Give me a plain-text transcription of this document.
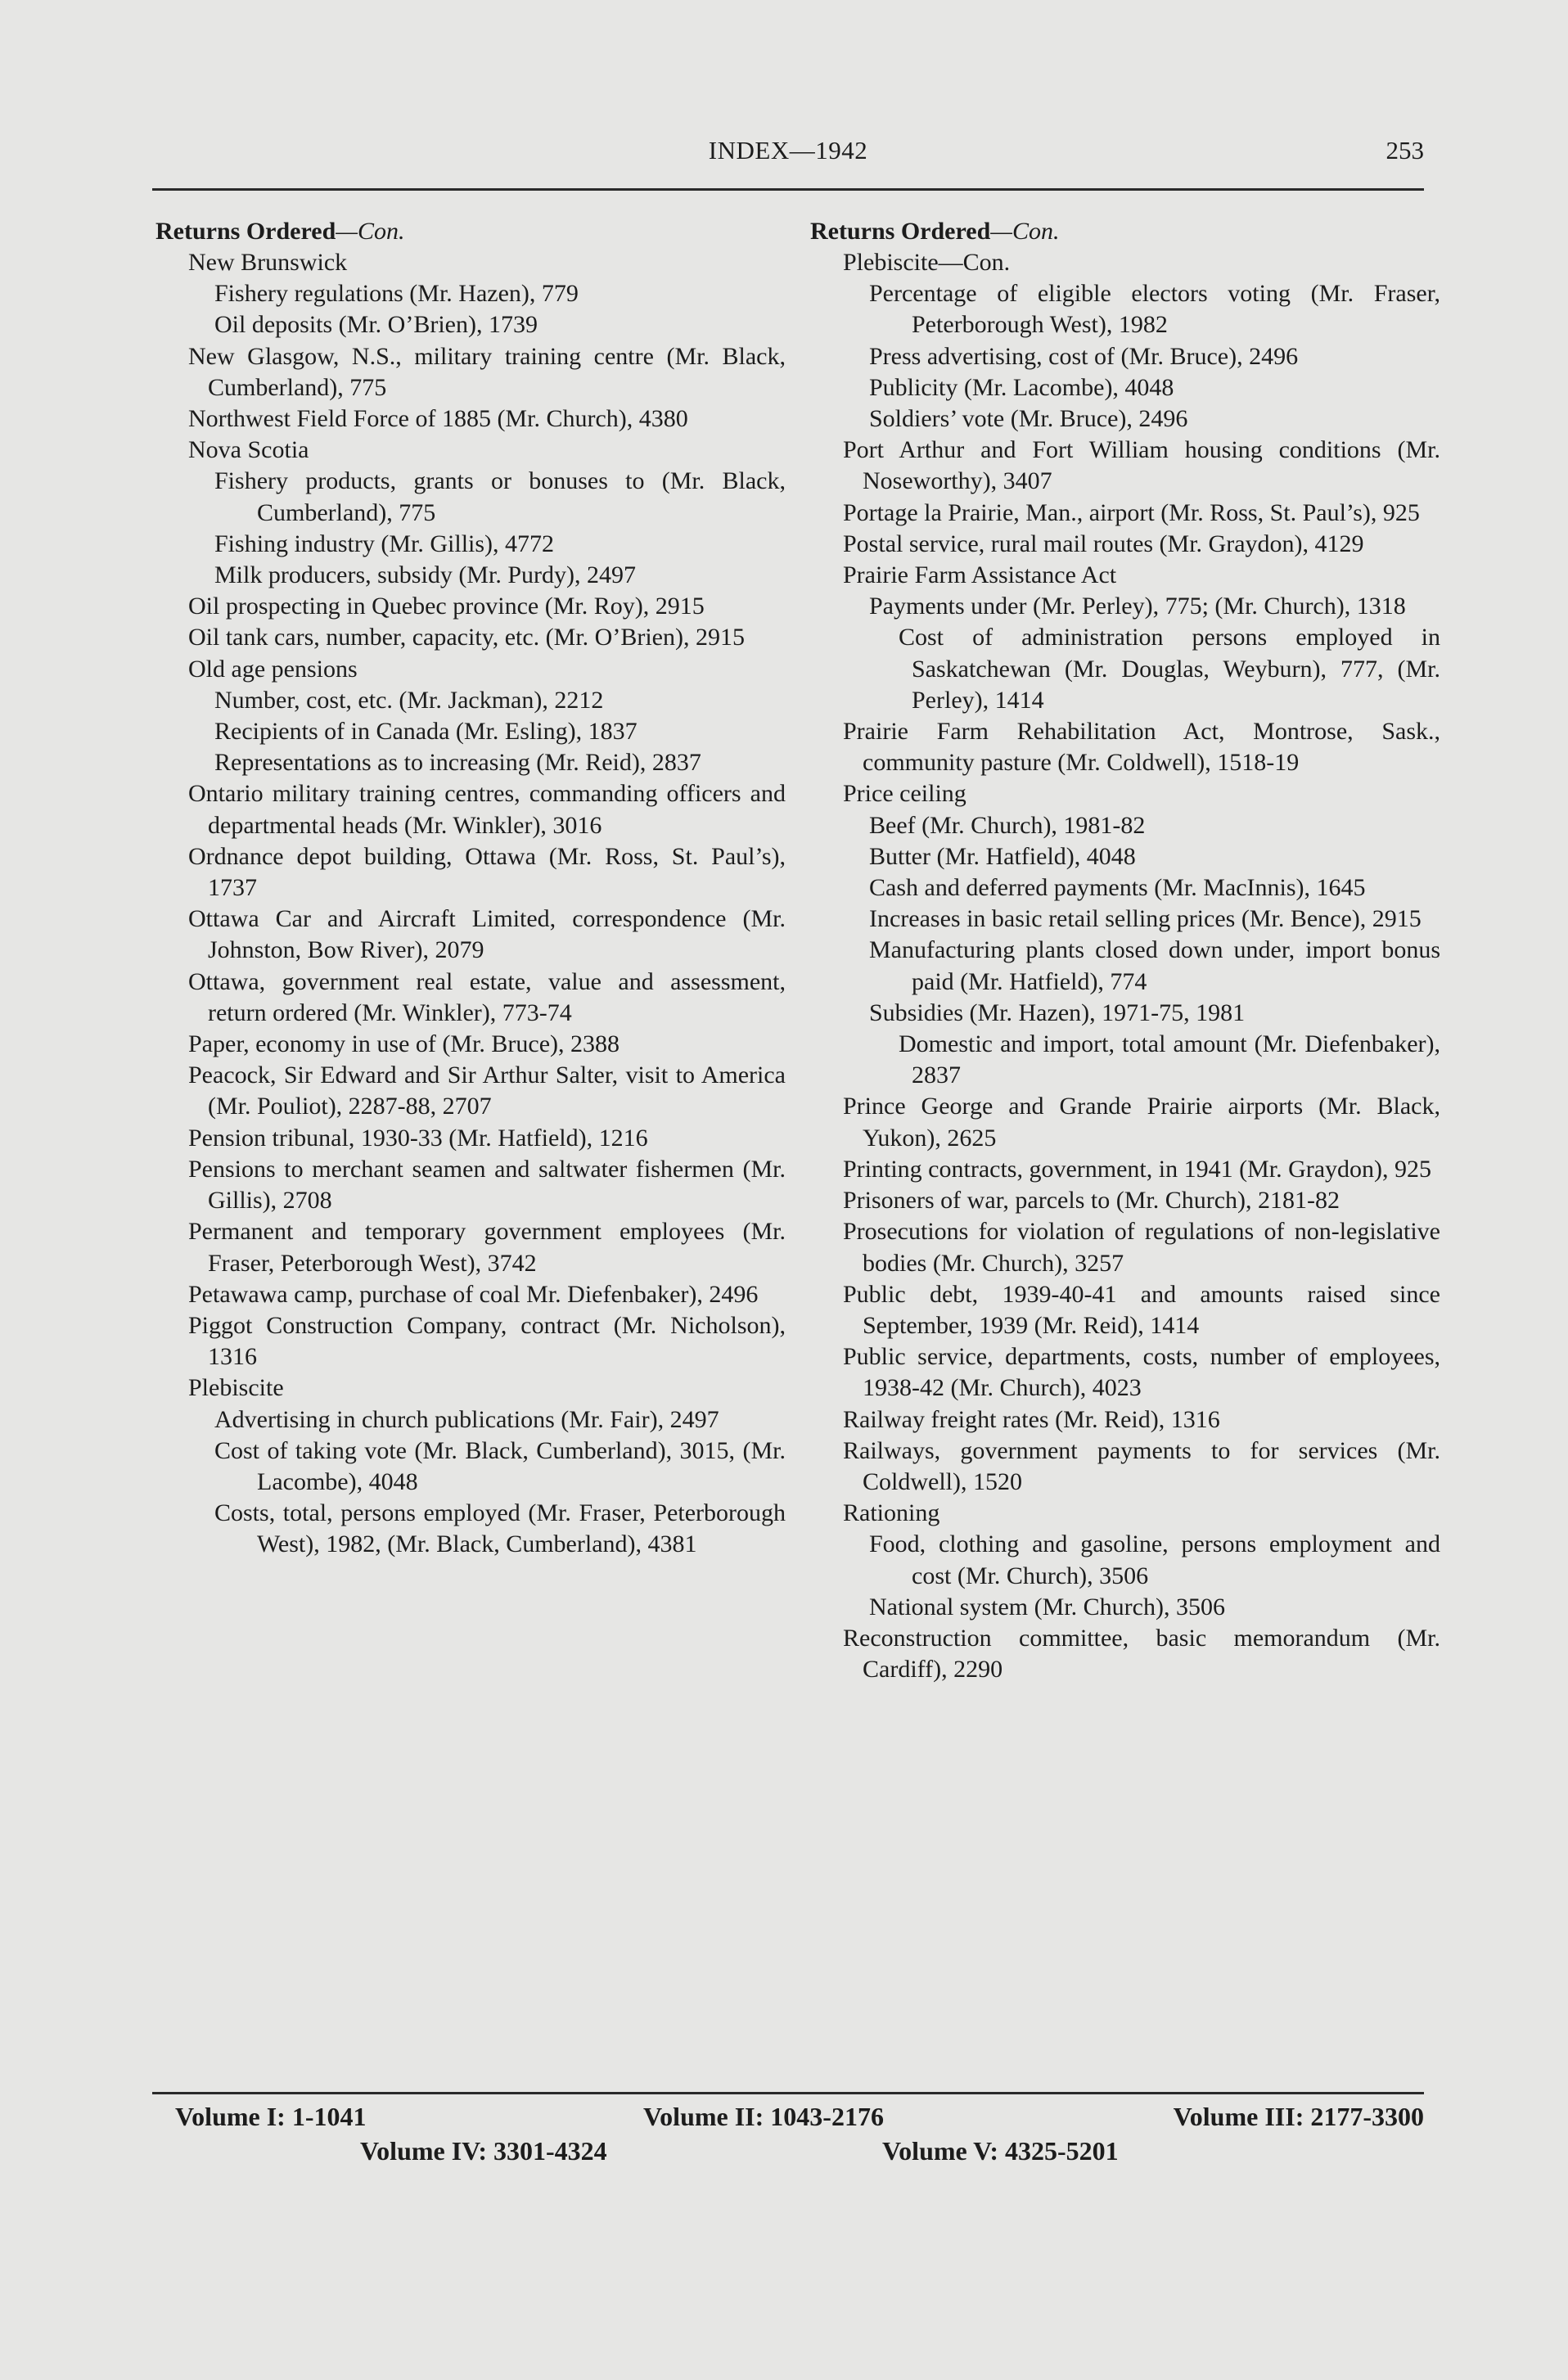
INDEX—1942	253
Returns Ordered—Con.
New Brunswick
Fishery regulations (Mr. Hazen), 779
Oil deposits (Mr. O’Brien), 1739
New Glasgow, N.S., military training centre (Mr. Black, Cumberland), 775
Northwest Field Force of 1885 (Mr. Church), 4380
Nova Scotia
Fishery products, grants or bonuses to (Mr. Black, Cumberland), 775
Fishing industry (Mr. Gillis), 4772
Milk producers, subsidy (Mr. Purdy), 2497
Oil prospecting in Quebec province (Mr. Roy), 2915
Oil tank cars, number, capacity, etc. (Mr. O’Brien), 2915
Old age pensions
Number, cost, etc. (Mr. Jackman), 2212
Recipients of in Canada (Mr. Esling), 1837
Representations as to increasing (Mr. Reid), 2837
Ontario military training centres, commanding officers and departmental heads (Mr. Winkler), 3016
Ordnance depot building, Ottawa (Mr. Ross, St. Paul’s), 1737
Ottawa Car and Aircraft Limited, correspondence (Mr. Johnston, Bow River), 2079
Ottawa, government real estate, value and assessment, return ordered (Mr. Winkler), 773-74
Paper, economy in use of (Mr. Bruce), 2388
Peacock, Sir Edward and Sir Arthur Salter, visit to America (Mr. Pouliot), 2287-88, 2707
Pension tribunal, 1930-33 (Mr. Hatfield), 1216
Pensions to merchant seamen and saltwater fishermen (Mr. Gillis), 2708
Permanent and temporary government employees (Mr. Fraser, Peterborough West), 3742
Petawawa camp, purchase of coal Mr. Diefenbaker), 2496
Piggot Construction Company, contract (Mr. Nicholson), 1316
Plebiscite
Advertising in church publications (Mr. Fair), 2497
Cost of taking vote (Mr. Black, Cumberland), 3015, (Mr. Lacombe), 4048
Costs, total, persons employed (Mr. Fraser, Peterborough West), 1982, (Mr. Black, Cumberland), 4381
Returns Ordered—Con.
Plebiscite—Con.
Percentage of eligible electors voting (Mr. Fraser, Peterborough West), 1982
Press advertising, cost of (Mr. Bruce), 2496
Publicity (Mr. Lacombe), 4048
Soldiers’ vote (Mr. Bruce), 2496
Port Arthur and Fort William housing conditions (Mr. Noseworthy), 3407
Portage la Prairie, Man., airport (Mr. Ross, St. Paul’s), 925
Postal service, rural mail routes (Mr. Graydon), 4129
Prairie Farm Assistance Act
Payments under (Mr. Perley), 775; (Mr. Church), 1318
Cost of administration persons employed in Saskatchewan (Mr. Douglas, Weyburn), 777, (Mr. Perley), 1414
Prairie Farm Rehabilitation Act, Montrose, Sask., community pasture (Mr. Coldwell), 1518-19
Price ceiling
Beef (Mr. Church), 1981-82
Butter (Mr. Hatfield), 4048
Cash and deferred payments (Mr. MacInnis), 1645
Increases in basic retail selling prices (Mr. Bence), 2915
Manufacturing plants closed down under, import bonus paid (Mr. Hatfield), 774
Subsidies (Mr. Hazen), 1971-75, 1981
Domestic and import, total amount (Mr. Diefenbaker), 2837
Prince George and Grande Prairie airports (Mr. Black, Yukon), 2625
Printing contracts, government, in 1941 (Mr. Graydon), 925
Prisoners of war, parcels to (Mr. Church), 2181-82
Prosecutions for violation of regulations of non-legislative bodies (Mr. Church), 3257
Public debt, 1939-40-41 and amounts raised since September, 1939 (Mr. Reid), 1414
Public service, departments, costs, number of employees, 1938-42 (Mr. Church), 4023
Railway freight rates (Mr. Reid), 1316
Railways, government payments to for services (Mr. Coldwell), 1520
Rationing
Food, clothing and gasoline, persons employment and cost (Mr. Church), 3506
National system (Mr. Church), 3506
Reconstruction committee, basic memorandum (Mr. Cardiff), 2290
Volume I: 1-1041	Volume II: 1043-2176	Volume III: 2177-3300
Volume IV: 3301-4324	Volume V: 4325-5201
